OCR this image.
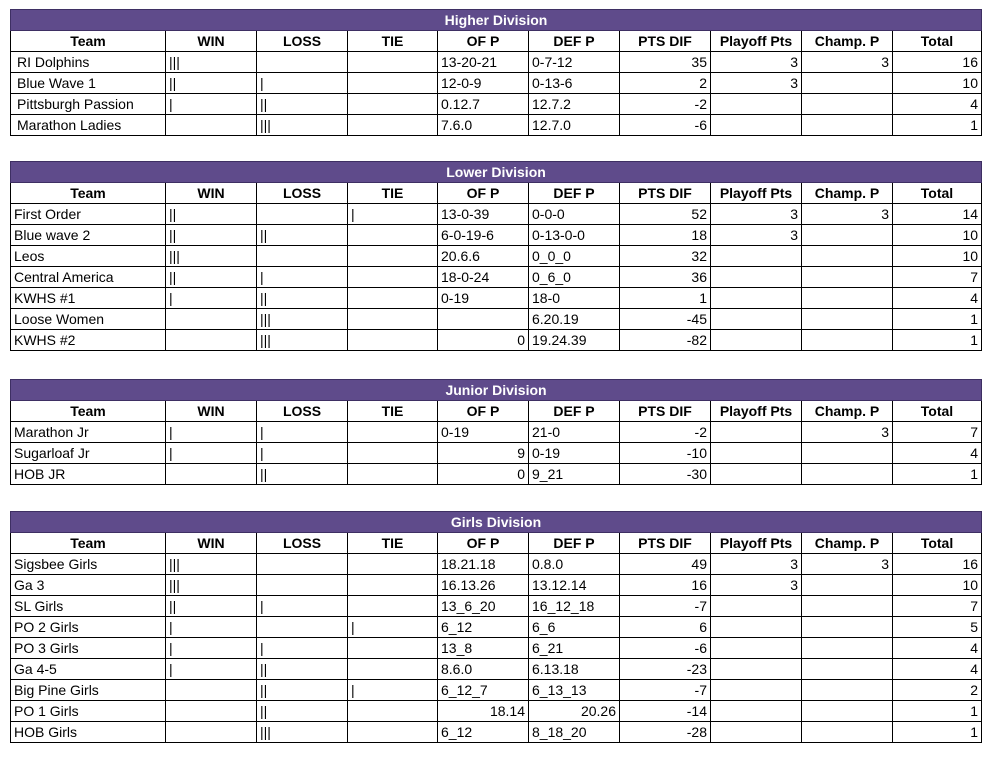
Higher Division									
Team	WIN	LOSS	TIE	OF P	DEF P	PTS DIF	Playoff Pts	Champ. P	Total
RI Dolphins	|||			13-20-21	0-7-12	35	3	3	16
Blue Wave 1	||	|		12-0-9	0-13-6	2	3		10
Pittsburgh Passion	|	||		0.12.7	12.7.2	-2			4
Marathon Ladies		|||		7.6.0	12.7.0	-6			1
Lower Division									
Team	WIN	LOSS	TIE	OF P	DEF P	PTS DIF	Playoff Pts	Champ. P	Total
First Order	||		|	13-0-39	0-0-0	52	3	3	14
Blue wave 2	||	||		6-0-19-6	0-13-0-0	18	3		10
Leos	|||			20.6.6	0_0_0	32			10
Central America	||	|		18-0-24	0_6_0	36			7
KWHS #1	|	||		0-19	18-0	1			4
Loose Women		|||			6.20.19	-45			1
KWHS #2		|||		0	19.24.39	-82			1
Junior Division									
Team	WIN	LOSS	TIE	OF P	DEF P	PTS DIF	Playoff Pts	Champ. P	Total
Marathon Jr	|	|		0-19	21-0	-2		3	7
Sugarloaf Jr	|	|		9	0-19	-10			4
HOB JR		||		0	9_21	-30			1
Girls Division									
Team	WIN	LOSS	TIE	OF P	DEF P	PTS DIF	Playoff Pts	Champ. P	Total
Sigsbee Girls	|||			18.21.18	0.8.0	49	3	3	16
Ga 3	|||			16.13.26	13.12.14	16	3		10
SL Girls	||	|		13_6_20	16_12_18	-7			7
PO 2 Girls	|		|	6_12	6_6	6			5
PO 3 Girls	|	|		13_8	6_21	-6			4
Ga 4-5	|	||		8.6.0	6.13.18	-23			4
Big Pine Girls		||	|	6_12_7	6_13_13	-7			2
PO 1 Girls		||		18.14	20.26	-14			1
HOB Girls		|||		6_12	8_18_20	-28			1
